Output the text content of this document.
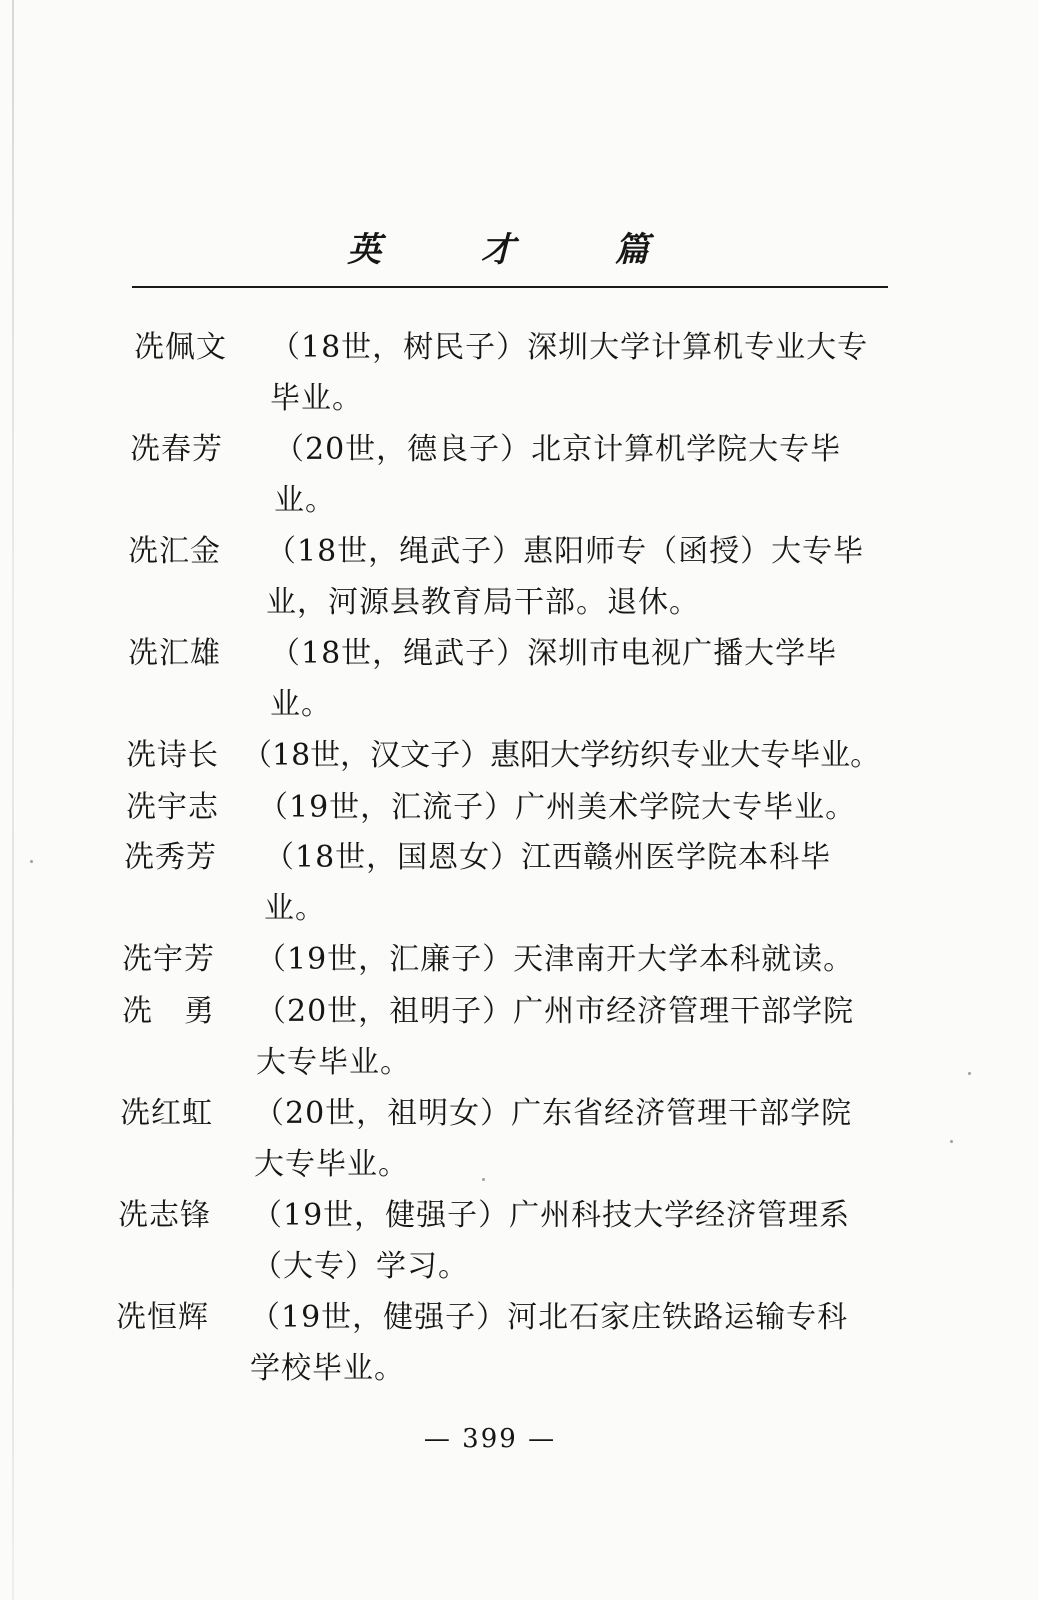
英 才 篇
冼佩文 （18世，树民子）深圳大学计算机专业大专毕业。
冼春芳 （20世，德良子）北京计算机学院大专毕业。
冼汇金 （18世，绳武子）惠阳师专（函授）大专毕业，河源县教育局干部。退休。
冼汇雄 （18世，绳武子）深圳市电视广播大学毕业。
冼诗长 （18世，汉文子）惠阳大学纺织专业大专毕业。
冼宇志 （19世，汇流子）广州美术学院大专毕业。
冼秀芳 （18世，国恩女）江西赣州医学院本科毕业。
冼宇芳 （19世，汇廉子）天津南开大学本科就读。
冼　勇 （20世，祖明子）广州市经济管理干部学院大专毕业。
冼红虹 （20世，祖明女）广东省经济管理干部学院大专毕业。
冼志锋 （19世，健强子）广州科技大学经济管理系（大专）学习。
冼恒辉 （19世，健强子）河北石家庄铁路运输专科学校毕业。
— 399 —
